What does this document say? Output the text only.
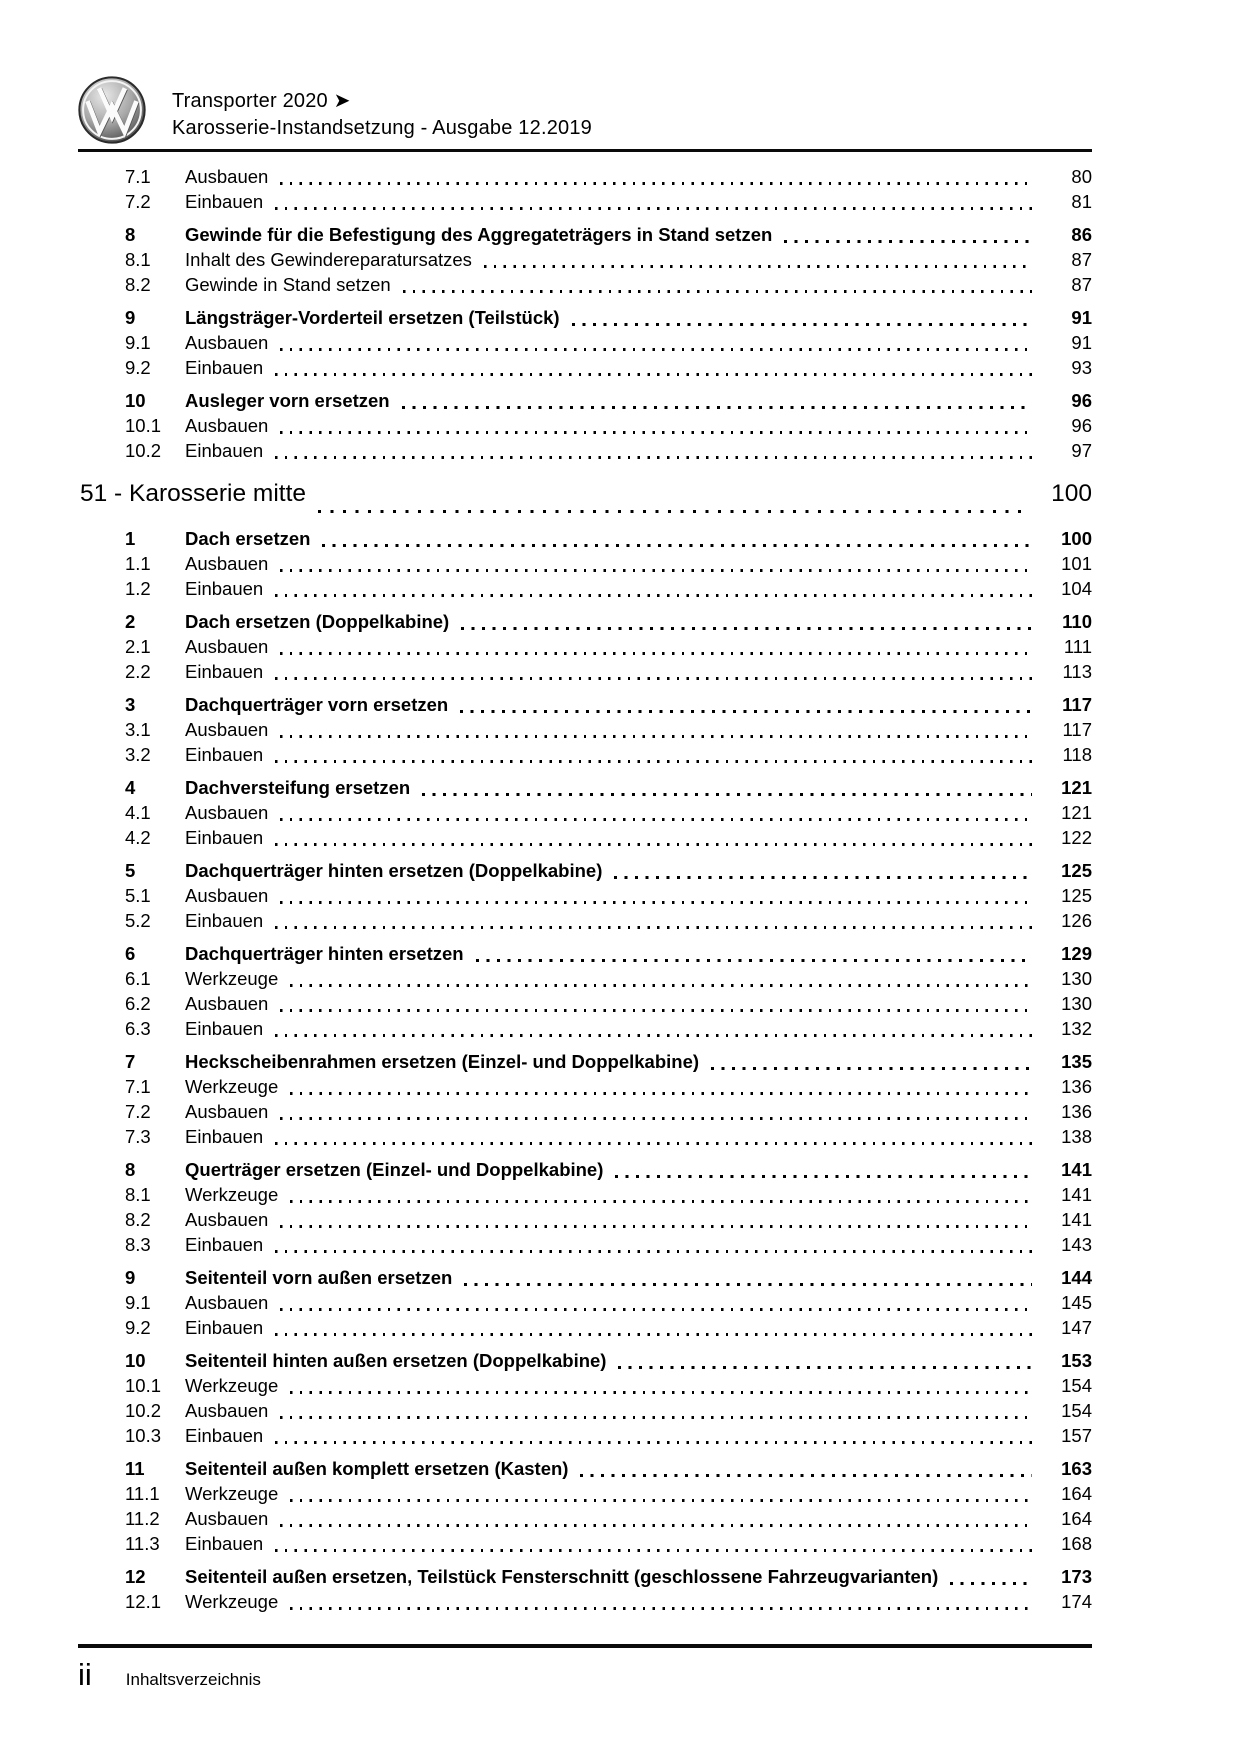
Transporter 2020 ➤
Karosserie-Instandsetzung - Ausgabe 12.2019
7.1	Ausbauen	80
7.2	Einbauen	81
8	Gewinde für die Befestigung des Aggregateträgers in Stand setzen	86
8.1	Inhalt des Gewindereparatursatzes	87
8.2	Gewinde in Stand setzen	87
9	Längsträger-Vorderteil ersetzen (Teilstück)	91
9.1	Ausbauen	91
9.2	Einbauen	93
10	Ausleger vorn ersetzen	96
10.1	Ausbauen	96
10.2	Einbauen	97
51 - Karosserie mitte	100
1	Dach ersetzen	100
1.1	Ausbauen	101
1.2	Einbauen	104
2	Dach ersetzen (Doppelkabine)	110
2.1	Ausbauen	111
2.2	Einbauen	113
3	Dachquerträger vorn ersetzen	117
3.1	Ausbauen	117
3.2	Einbauen	118
4	Dachversteifung ersetzen	121
4.1	Ausbauen	121
4.2	Einbauen	122
5	Dachquerträger hinten ersetzen (Doppelkabine)	125
5.1	Ausbauen	125
5.2	Einbauen	126
6	Dachquerträger hinten ersetzen	129
6.1	Werkzeuge	130
6.2	Ausbauen	130
6.3	Einbauen	132
7	Heckscheibenrahmen ersetzen (Einzel- und Doppelkabine)	135
7.1	Werkzeuge	136
7.2	Ausbauen	136
7.3	Einbauen	138
8	Querträger ersetzen (Einzel- und Doppelkabine)	141
8.1	Werkzeuge	141
8.2	Ausbauen	141
8.3	Einbauen	143
9	Seitenteil vorn außen ersetzen	144
9.1	Ausbauen	145
9.2	Einbauen	147
10	Seitenteil hinten außen ersetzen (Doppelkabine)	153
10.1	Werkzeuge	154
10.2	Ausbauen	154
10.3	Einbauen	157
11	Seitenteil außen komplett ersetzen (Kasten)	163
11.1	Werkzeuge	164
11.2	Ausbauen	164
11.3	Einbauen	168
12	Seitenteil außen ersetzen, Teilstück Fensterschnitt (geschlossene Fahrzeugvarianten)	173
12.1	Werkzeuge	174
ii Inhaltsverzeichnis
